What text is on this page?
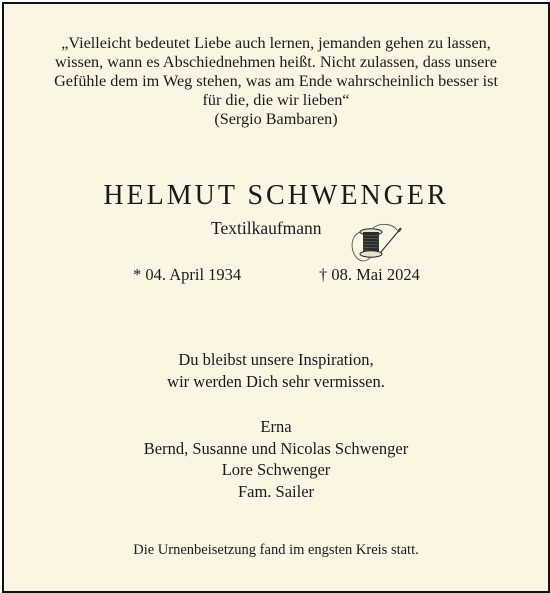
„Vielleicht bedeutet Liebe auch lernen, jemanden gehen zu lassen,
wissen, wann es Abschiednehmen heißt. Nicht zulassen, dass unsere
Gefühle dem im Weg stehen, was am Ende wahrscheinlich besser ist
für die, die wir lieben“
(Sergio Bambaren)
HELMUT SCHWENGER
Textilkaufmann
* 04. April 1934	† 08. Mai 2024
Du bleibst unsere Inspiration,
wir werden Dich sehr vermissen.
Erna
Bernd, Susanne und Nicolas Schwenger
Lore Schwenger
Fam. Sailer
Die Urnenbeisetzung fand im engsten Kreis statt.
